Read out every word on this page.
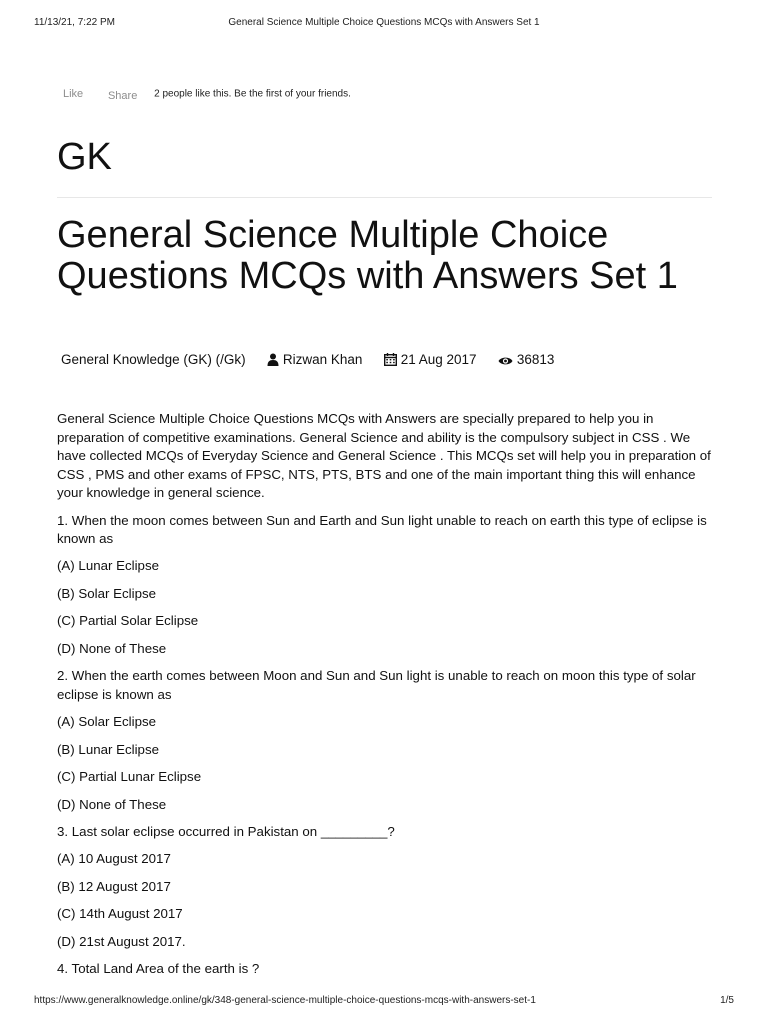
11/13/21, 7:22 PM	General Science Multiple Choice Questions MCQs with Answers Set 1
Like Share 2 people like this. Be the first of your friends.
GK
General Science Multiple Choice Questions MCQs with Answers Set 1
General Knowledge (GK) (/Gk)	Rizwan Khan	21 Aug 2017	36813

General Science Multiple Choice Questions MCQs with Answers are specially prepared to help you in preparation of competitive examinations. General Science and ability is the compulsory subject in CSS . We have collected MCQs of Everyday Science and General Science . This MCQs set will help you in preparation of CSS , PMS and other exams of FPSC, NTS, PTS, BTS and one of the main important thing this will enhance your knowledge in general science.

1. When the moon comes between Sun and Earth and Sun light unable to reach on earth this type of eclipse is known as

(A) Lunar Eclipse

(B) Solar Eclipse

(C) Partial Solar Eclipse

(D) None of These

2. When the earth comes between Moon and Sun and Sun light is unable to reach on moon this type of solar eclipse is known as

(A) Solar Eclipse

(B) Lunar Eclipse

(C) Partial Lunar Eclipse

(D) None of These

3. Last solar eclipse occurred in Pakistan on _________?

(A) 10 August 2017

(B) 12 August 2017

(C) 14th August 2017

(D) 21st August 2017.

4. Total Land Area of the earth is ?

https://www.generalknowledge.online/gk/348-general-science-multiple-choice-questions-mcqs-with-answers-set-1	1/5
